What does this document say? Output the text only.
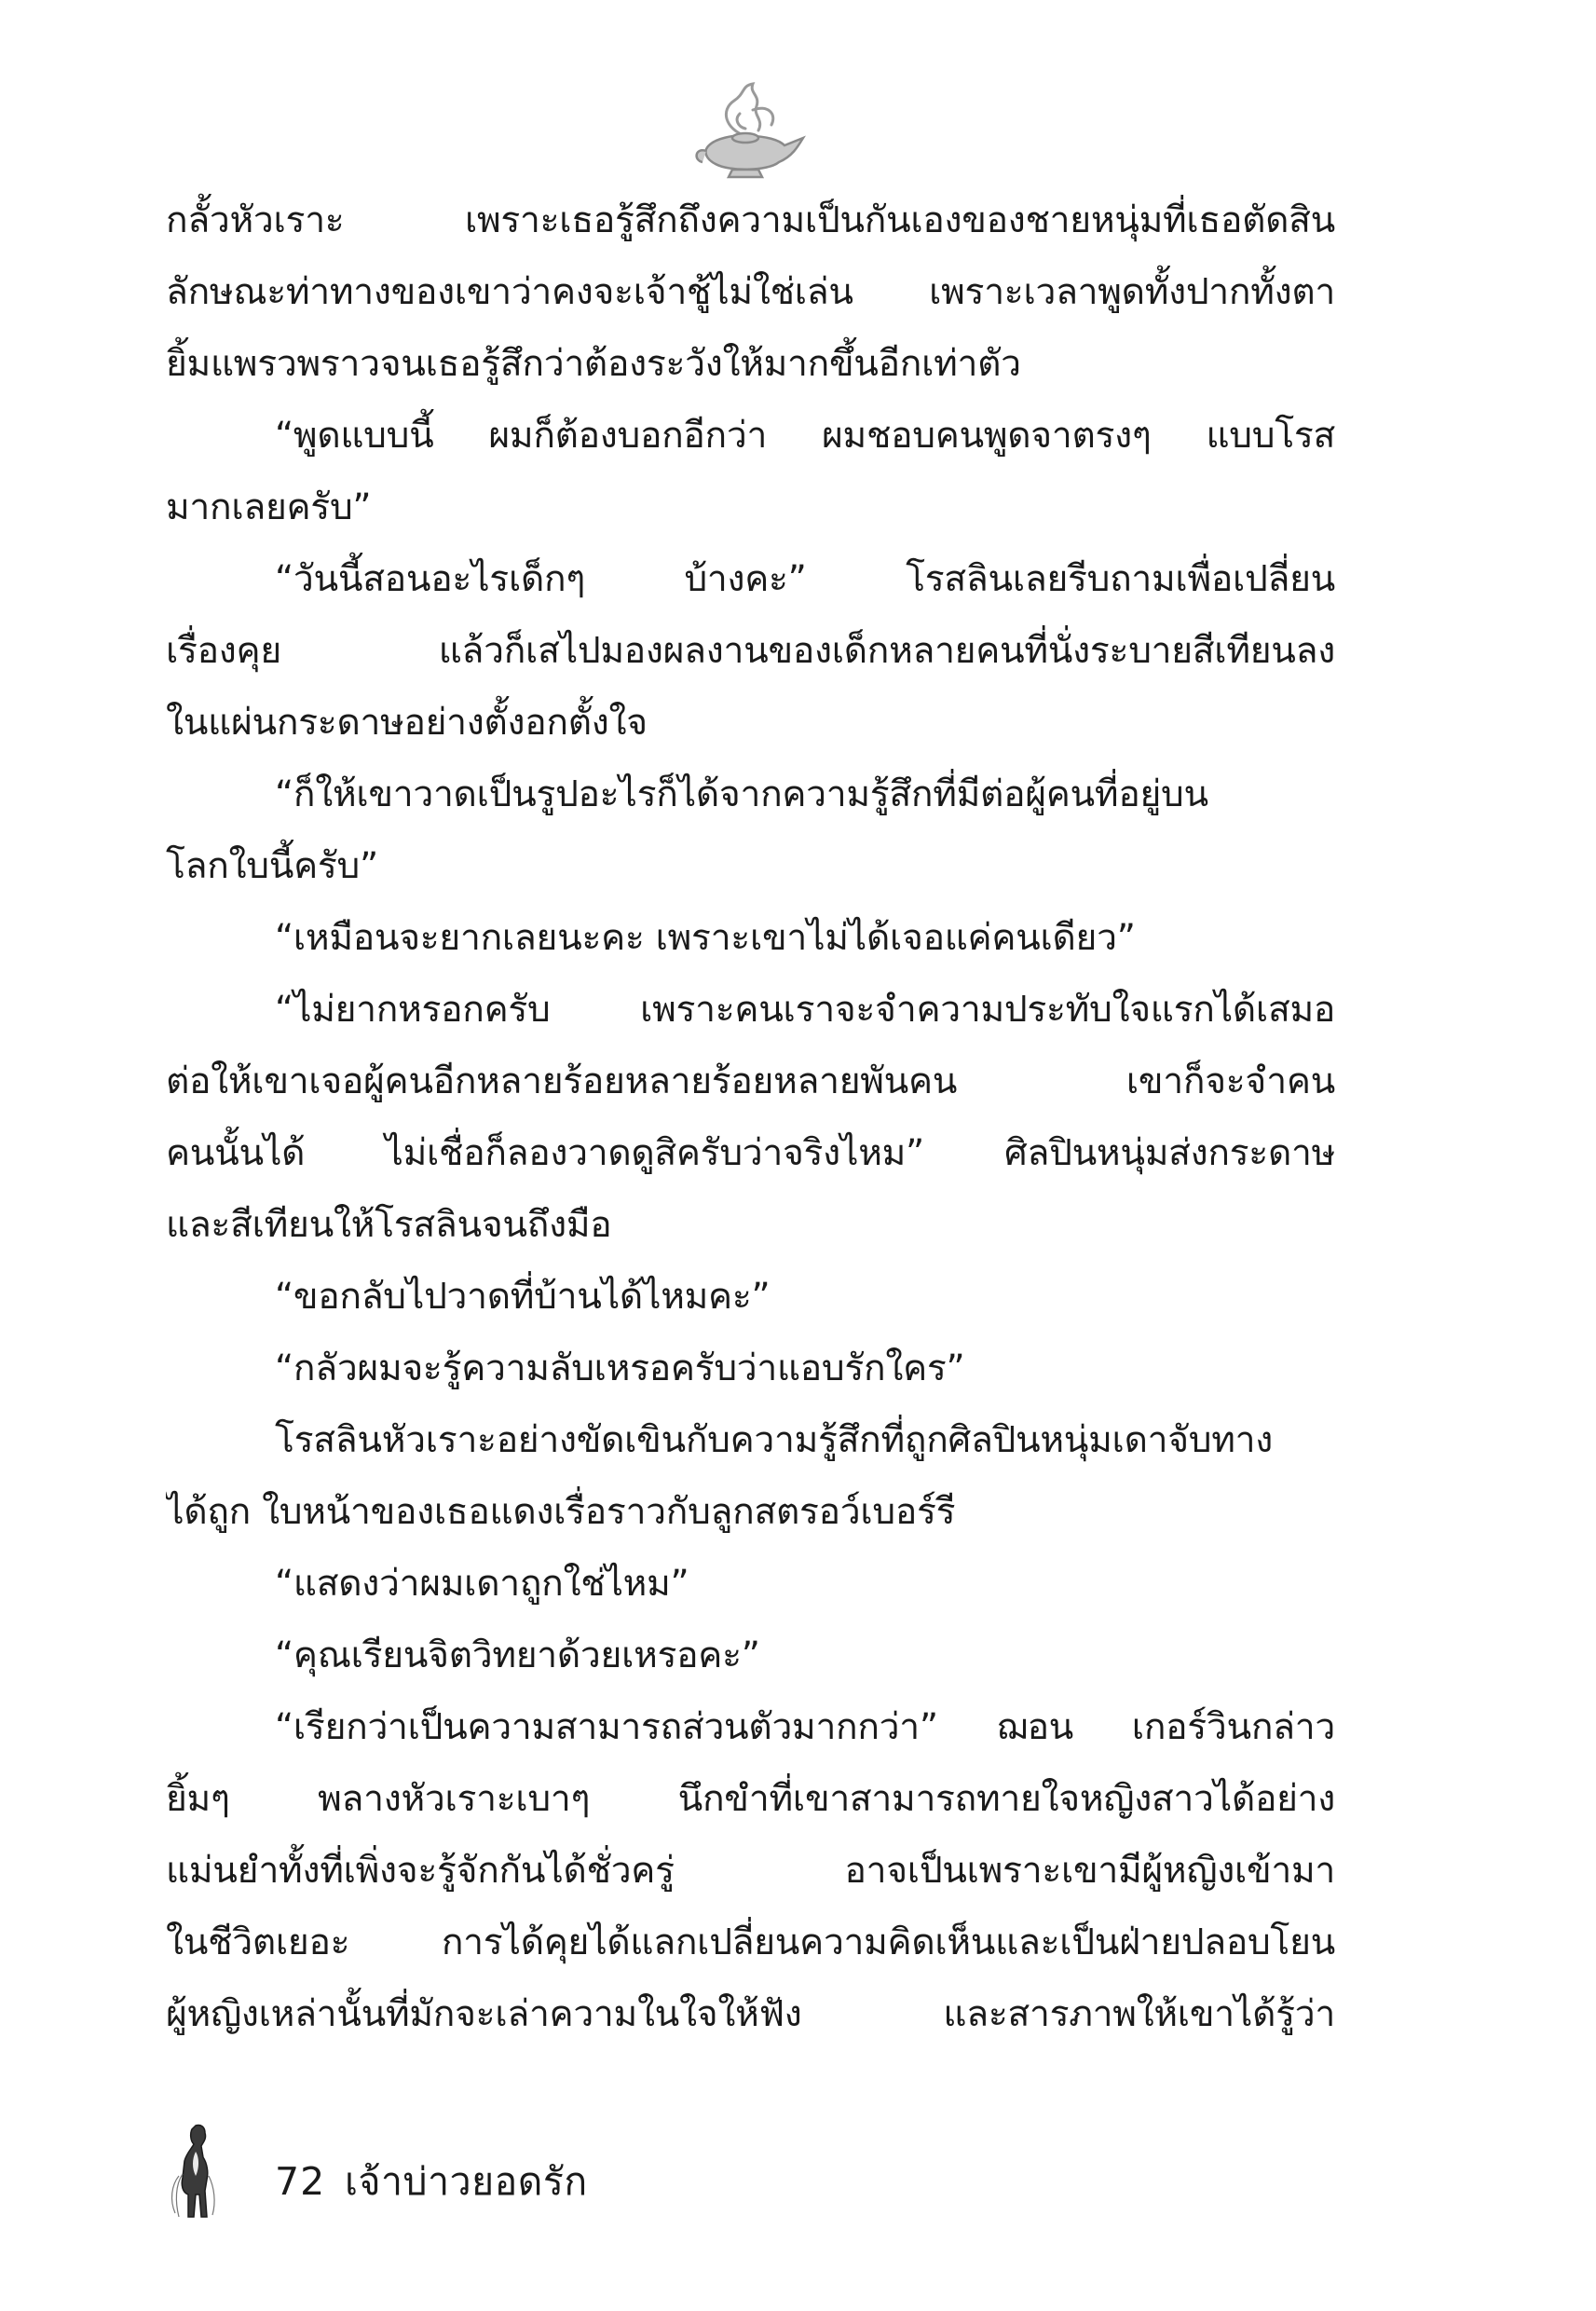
กลั้วหัวเราะ เพราะเธอรู้สึกถึงความเป็นกันเองของชายหนุ่มที่เธอตัดสิน
ลักษณะท่าทางของเขาว่าคงจะเจ้าชู้ไม่ใช่เล่น เพราะเวลาพูดทั้งปากทั้งตา
ยิ้มแพรวพราวจนเธอรู้สึกว่าต้องระวังให้มากขึ้นอีกเท่าตัว
“พูดแบบนี้ ผมก็ต้องบอกอีกว่า ผมชอบคนพูดจาตรงๆ แบบโรส
มากเลยครับ”
“วันนี้สอนอะไรเด็กๆ บ้างคะ” โรสลินเลยรีบถามเพื่อเปลี่ยน
เรื่องคุย แล้วก็เสไปมองผลงานของเด็กหลายคนที่นั่งระบายสีเทียนลง
ในแผ่นกระดาษอย่างตั้งอกตั้งใจ
“ก็ให้เขาวาดเป็นรูปอะไรก็ได้จากความรู้สึกที่มีต่อผู้คนที่อยู่บน
โลกใบนี้ครับ”
“เหมือนจะยากเลยนะคะ เพราะเขาไม่ได้เจอแค่คนเดียว”
“ไม่ยากหรอกครับ เพราะคนเราจะจำความประทับใจแรกได้เสมอ
ต่อให้เขาเจอผู้คนอีกหลายร้อยหลายร้อยหลายพันคน เขาก็จะจำคน
คนนั้นได้ ไม่เชื่อก็ลองวาดดูสิครับว่าจริงไหม” ศิลปินหนุ่มส่งกระดาษ
และสีเทียนให้โรสลินจนถึงมือ
“ขอกลับไปวาดที่บ้านได้ไหมคะ”
“กลัวผมจะรู้ความลับเหรอครับว่าแอบรักใคร”
โรสลินหัวเราะอย่างขัดเขินกับความรู้สึกที่ถูกศิลปินหนุ่มเดาจับทาง
ได้ถูก ใบหน้าของเธอแดงเรื่อราวกับลูกสตรอว์เบอร์รี
“แสดงว่าผมเดาถูกใช่ไหม”
“คุณเรียนจิตวิทยาด้วยเหรอคะ”
“เรียกว่าเป็นความสามารถส่วนตัวมากกว่า” ฌอน เกอร์วินกล่าว
ยิ้มๆ พลางหัวเราะเบาๆ นึกขำที่เขาสามารถทายใจหญิงสาวได้อย่าง
แม่นยำทั้งที่เพิ่งจะรู้จักกันได้ชั่วครู่ อาจเป็นเพราะเขามีผู้หญิงเข้ามา
ในชีวิตเยอะ การได้คุยได้แลกเปลี่ยนความคิดเห็นและเป็นฝ่ายปลอบโยน
ผู้หญิงเหล่านั้นที่มักจะเล่าความในใจให้ฟัง และสารภาพให้เขาได้รู้ว่า
72 เจ้าบ่าวยอดรัก
